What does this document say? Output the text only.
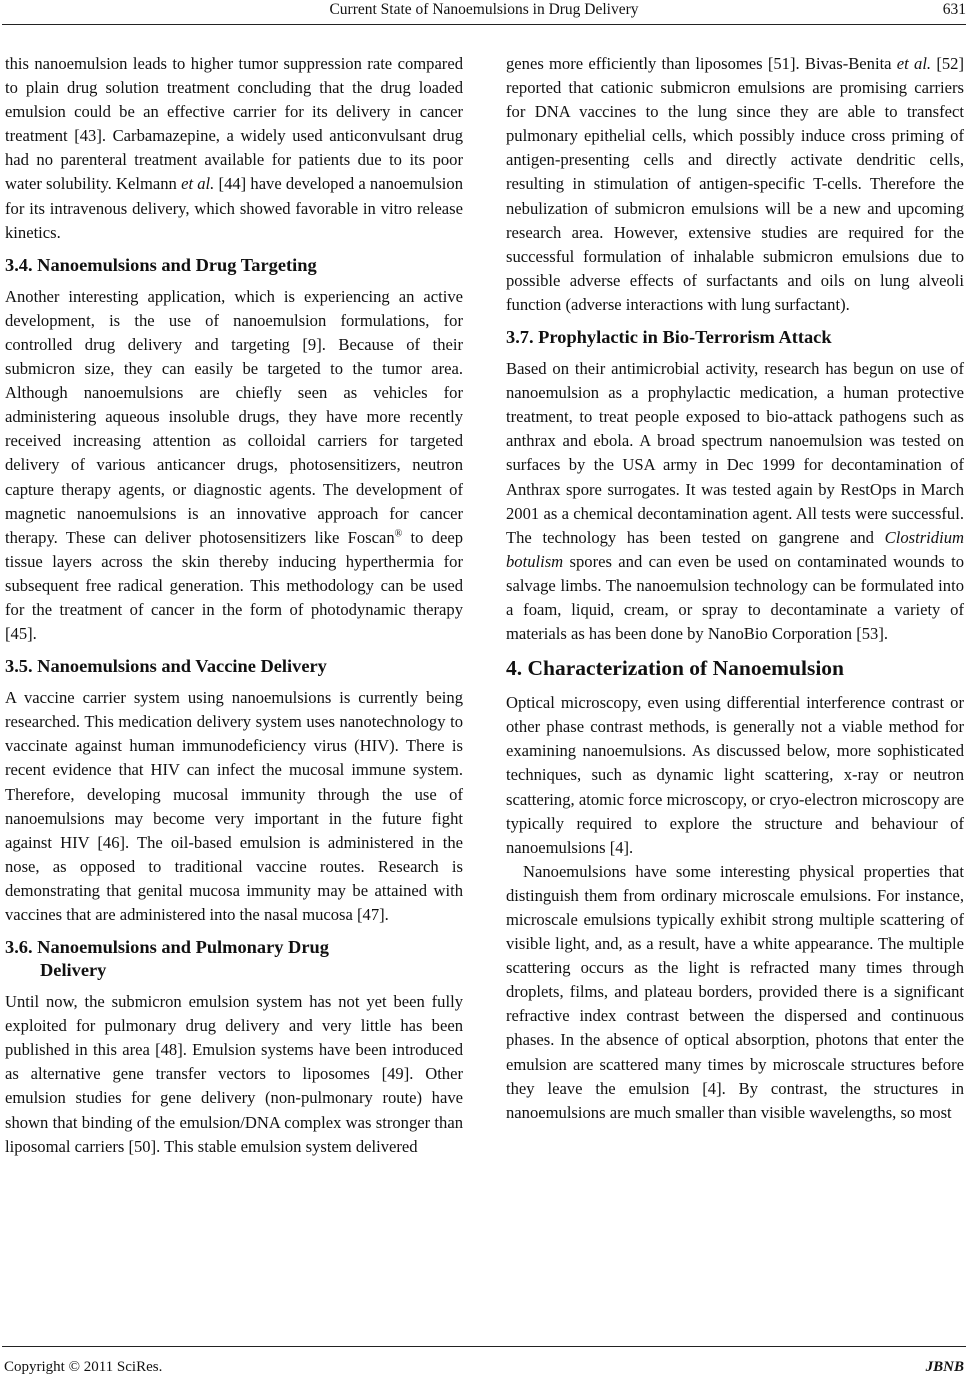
Current State of Nanoemulsions in Drug Delivery	631

this nanoemulsion leads to higher tumor suppression rate compared to plain drug solution treatment concluding that the drug loaded emulsion could be an effective carrier for its delivery in cancer treatment [43]. Carbamazepine, a widely used anticonvulsant drug had no parenteral treatment available for patients due to its poor water solubility. Kelmann et al. [44] have developed a nanoemulsion for its intravenous delivery, which showed favorable in vitro release kinetics.

3.4. Nanoemulsions and Drug Targeting

Another interesting application, which is experiencing an active development, is the use of nanoemulsion formulations, for controlled drug delivery and targeting [9]. Because of their submicron size, they can easily be targeted to the tumor area. Although nanoemulsions are chiefly seen as vehicles for administering aqueous insoluble drugs, they have more recently received increasing attention as colloidal carriers for targeted delivery of various anticancer drugs, photosensitizers, neutron capture therapy agents, or diagnostic agents. The development of magnetic nanoemulsions is an innovative approach for cancer therapy. These can deliver photosensitizers like Foscan® to deep tissue layers across the skin thereby inducing hyperthermia for subsequent free radical generation. This methodology can be used for the treatment of cancer in the form of photodynamic therapy [45].

3.5. Nanoemulsions and Vaccine Delivery

A vaccine carrier system using nanoemulsions is currently being researched. This medication delivery system uses nanotechnology to vaccinate against human immunodeficiency virus (HIV). There is recent evidence that HIV can infect the mucosal immune system. Therefore, developing mucosal immunity through the use of nanoemulsions may become very important in the future fight against HIV [46]. The oil-based emulsion is administered in the nose, as opposed to traditional vaccine routes. Research is demonstrating that genital mucosa immunity may be attained with vaccines that are administered into the nasal mucosa [47].

3.6. Nanoemulsions and Pulmonary Drug
Delivery

Until now, the submicron emulsion system has not yet been fully exploited for pulmonary drug delivery and very little has been published in this area [48]. Emulsion systems have been introduced as alternative gene transfer vectors to liposomes [49]. Other emulsion studies for gene delivery (non-pulmonary route) have shown that binding of the emulsion/DNA complex was stronger than liposomal carriers [50]. This stable emulsion system delivered

genes more efficiently than liposomes [51]. Bivas-Benita et al. [52] reported that cationic submicron emulsions are promising carriers for DNA vaccines to the lung since they are able to transfect pulmonary epithelial cells, which possibly induce cross priming of antigen-presenting cells and directly activate dendritic cells, resulting in stimulation of antigen-specific T-cells. Therefore the nebulization of submicron emulsions will be a new and upcoming research area. However, extensive studies are required for the successful formulation of inhalable submicron emulsions due to possible adverse effects of surfactants and oils on lung alveoli function (adverse interactions with lung surfactant).

3.7. Prophylactic in Bio-Terrorism Attack

Based on their antimicrobial activity, research has begun on use of nanoemulsion as a prophylactic medication, a human protective treatment, to treat people exposed to bio-attack pathogens such as anthrax and ebola. A broad spectrum nanoemulsion was tested on surfaces by the USA army in Dec 1999 for decontamination of Anthrax spore surrogates. It was tested again by RestOps in March 2001 as a chemical decontamination agent. All tests were successful. The technology has been tested on gangrene and Clostridium botulism spores and can even be used on contaminated wounds to salvage limbs. The nanoemulsion technology can be formulated into a foam, liquid, cream, or spray to decontaminate a variety of materials as has been done by NanoBio Corporation [53].

4. Characterization of Nanoemulsion

Optical microscopy, even using differential interference contrast or other phase contrast methods, is generally not a viable method for examining nanoemulsions. As discussed below, more sophisticated techniques, such as dynamic light scattering, x-ray or neutron scattering, atomic force microscopy, or cryo-electron microscopy are typically required to explore the structure and behaviour of nanoemulsions [4].

Nanoemulsions have some interesting physical properties that distinguish them from ordinary microscale emulsions. For instance, microscale emulsions typically exhibit strong multiple scattering of visible light, and, as a result, have a white appearance. The multiple scattering occurs as the light is refracted many times through droplets, films, and plateau borders, provided there is a significant refractive index contrast between the dispersed and continuous phases. In the absence of optical absorption, photons that enter the emulsion are scattered many times by microscale structures before they leave the emulsion [4]. By contrast, the structures in nanoemulsions are much smaller than visible wavelengths, so most

Copyright © 2011 SciRes.	JBNB
